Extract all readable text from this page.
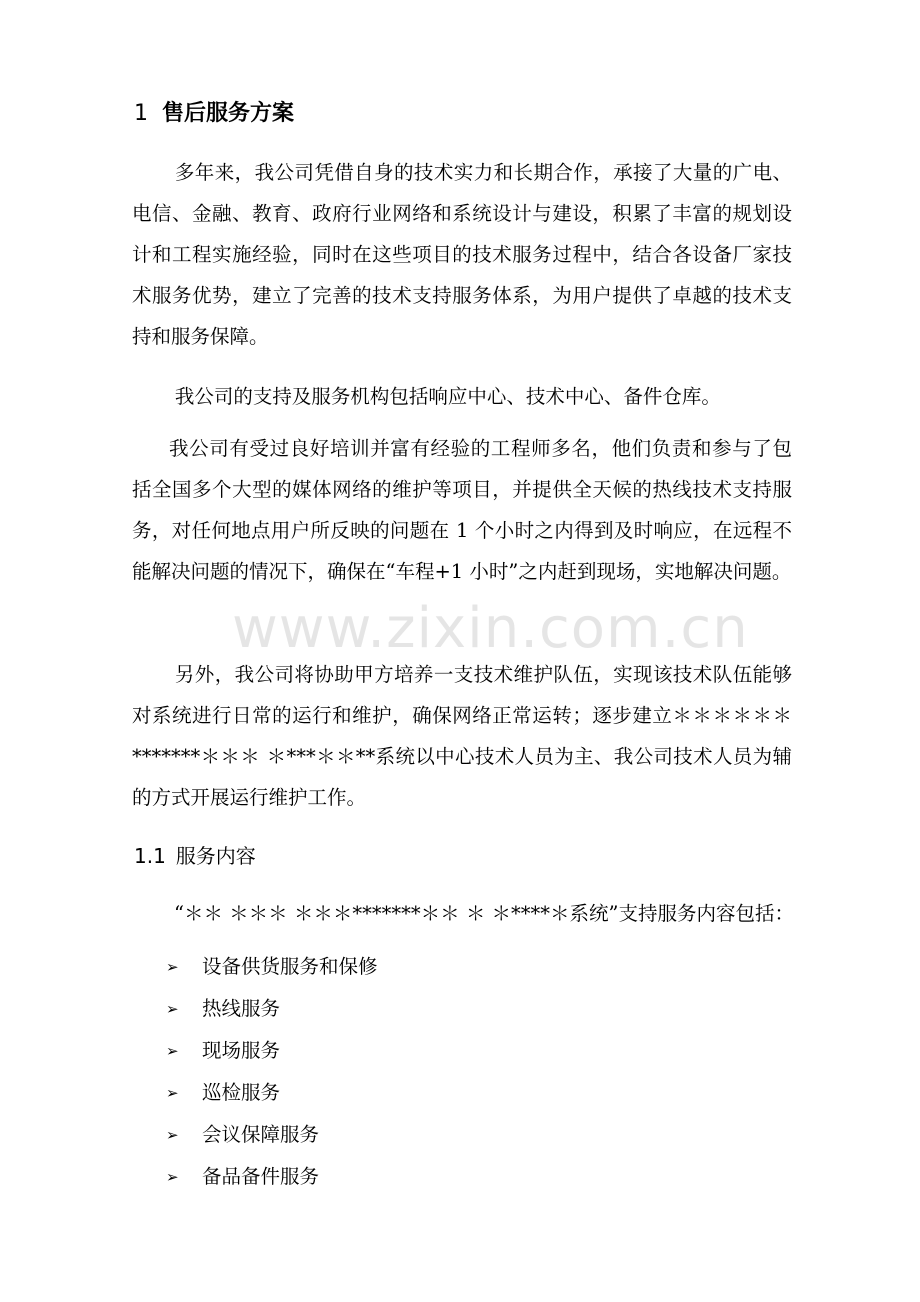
1 售后服务方案

多年来，我公司凭借自身的技术实力和长期合作，承接了大量的广电、电信、金融、教育、政府行业网络和系统设计与建设，积累了丰富的规划设计和工程实施经验，同时在这些项目的技术服务过程中，结合各设备厂家技术服务优势，建立了完善的技术支持服务体系，为用户提供了卓越的技术支持和服务保障。

我公司的支持及服务机构包括响应中心、技术中心、备件仓库。

我公司有受过良好培训并富有经验的工程师多名，他们负责和参与了包括全国多个大型的媒体网络的维护等项目，并提供全天候的热线技术支持服务，对任何地点用户所反映的问题在 1 个小时之内得到及时响应，在远程不能解决问题的情况下，确保在“车程+1 小时”之内赶到现场，实地解决问题。

另外，我公司将协助甲方培养一支技术维护队伍，实现该技术队伍能够对系统进行日常的运行和维护，确保网络正常运转；逐步建立＊＊＊＊＊＊*******＊＊＊ ＊***＊＊**系统以中心技术人员为主、我公司技术人员为辅的方式开展运行维护工作。

www.zixin.com.cn
1.1 服务内容

“＊＊ ＊＊＊ ＊＊＊*******＊＊ ＊ ＊****＊系统”支持服务内容包括：

➢ 设备供货服务和保修
➢ 热线服务
➢ 现场服务
➢ 巡检服务
➢ 会议保障服务
➢ 备品备件服务
